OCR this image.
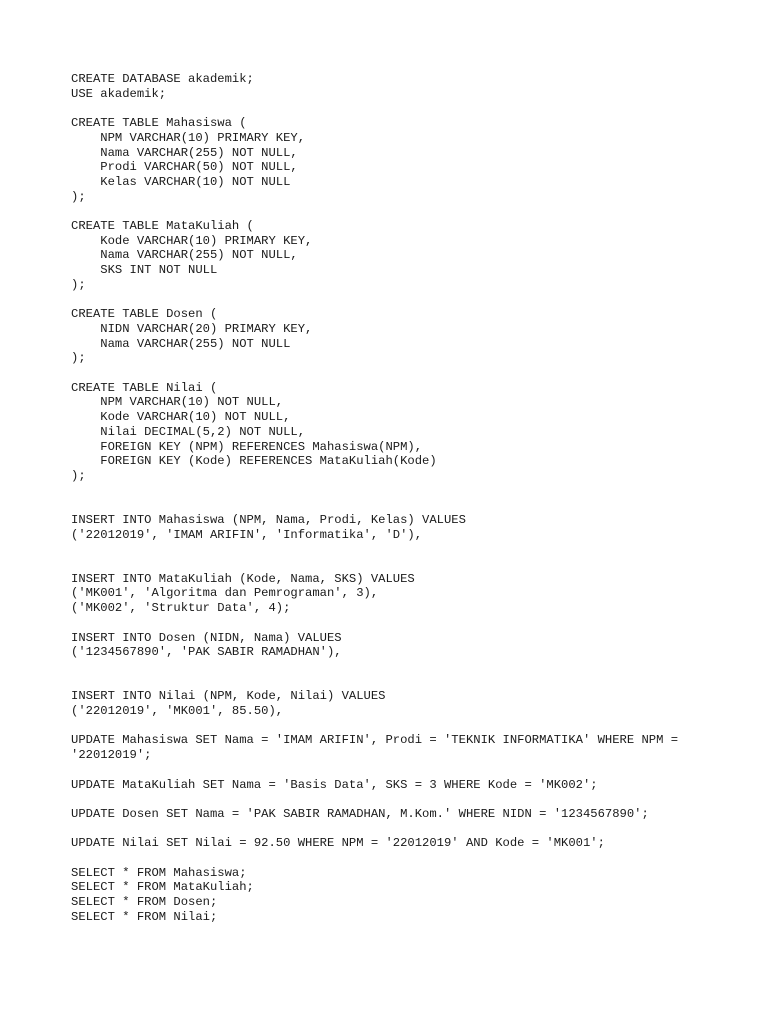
CREATE DATABASE akademik;
USE akademik;
CREATE TABLE Mahasiswa (
NPM VARCHAR(10) PRIMARY KEY,
Nama VARCHAR(255) NOT NULL,
Prodi VARCHAR(50) NOT NULL,
Kelas VARCHAR(10) NOT NULL
);
CREATE TABLE MataKuliah (
Kode VARCHAR(10) PRIMARY KEY,
Nama VARCHAR(255) NOT NULL,
SKS INT NOT NULL
);
CREATE TABLE Dosen (
NIDN VARCHAR(20) PRIMARY KEY,
Nama VARCHAR(255) NOT NULL
);
CREATE TABLE Nilai (
NPM VARCHAR(10) NOT NULL,
Kode VARCHAR(10) NOT NULL,
Nilai DECIMAL(5,2) NOT NULL,
FOREIGN KEY (NPM) REFERENCES Mahasiswa(NPM),
FOREIGN KEY (Kode) REFERENCES MataKuliah(Kode)
);
INSERT INTO Mahasiswa (NPM, Nama, Prodi, Kelas) VALUES
('22012019', 'IMAM ARIFIN', 'Informatika', 'D'),
INSERT INTO MataKuliah (Kode, Nama, SKS) VALUES
('MK001', 'Algoritma dan Pemrograman', 3),
('MK002', 'Struktur Data', 4);
INSERT INTO Dosen (NIDN, Nama) VALUES
('1234567890', 'PAK SABIR RAMADHAN'),
INSERT INTO Nilai (NPM, Kode, Nilai) VALUES
('22012019', 'MK001', 85.50),
UPDATE Mahasiswa SET Nama = 'IMAM ARIFIN', Prodi = 'TEKNIK INFORMATIKA' WHERE NPM =
'22012019';
UPDATE MataKuliah SET Nama = 'Basis Data', SKS = 3 WHERE Kode = 'MK002';
UPDATE Dosen SET Nama = 'PAK SABIR RAMADHAN, M.Kom.' WHERE NIDN = '1234567890';
UPDATE Nilai SET Nilai = 92.50 WHERE NPM = '22012019' AND Kode = 'MK001';
SELECT * FROM Mahasiswa;
SELECT * FROM MataKuliah;
SELECT * FROM Dosen;
SELECT * FROM Nilai;
